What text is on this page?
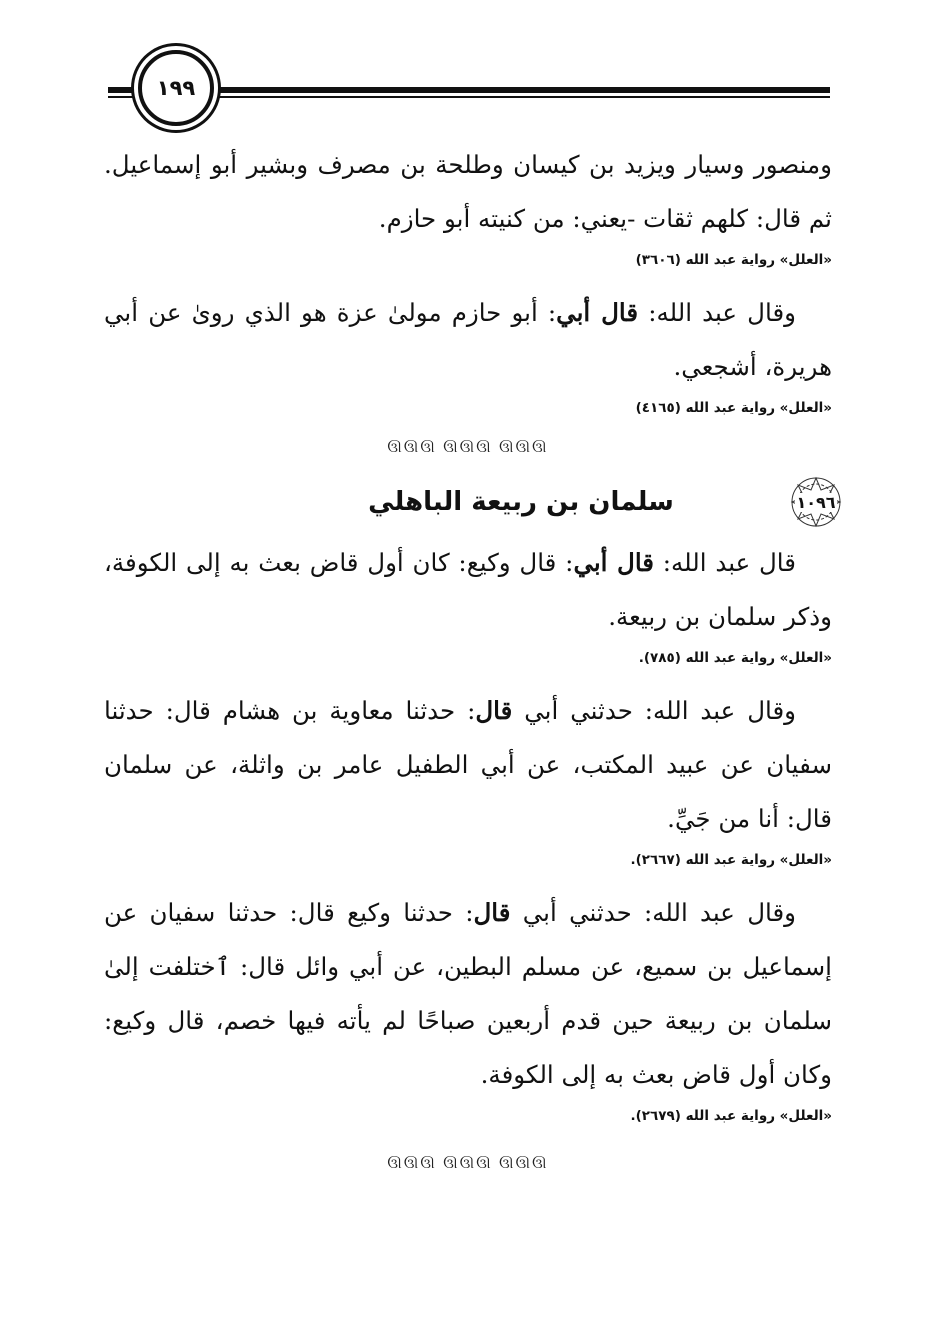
١٩٩

ومنصور وسيار ويزيد بن كيسان وطلحة بن مصرف وبشير أبو إسماعيل. ثم قال: كلهم ثقات -يعني: من كنيته أبو حازم.

«العلل» رواية عبد الله (٣٦٠٦)

وقال عبد الله: قال أبي: أبو حازم مولىٰ عزة هو الذي روىٰ عن أبي هريرة، أشجعي.

«العلل» رواية عبد الله (٤١٦٥)
ઊઊઊ ઊઊઊ ઊઊઊ
١٠٩٦
سلمان بن ربيعة الباهلي

قال عبد الله: قال أبي: قال وكيع: كان أول قاض بعث به إلى الكوفة، وذكر سلمان بن ربيعة.

«العلل» رواية عبد الله (٧٨٥).

وقال عبد الله: حدثني أبي قال: حدثنا معاوية بن هشام قال: حدثنا سفيان عن عبيد المكتب، عن أبي الطفيل عامر بن واثلة، عن سلمان قال: أنا من جَيِّ.

«العلل» رواية عبد الله (٢٦٦٧).

وقال عبد الله: حدثني أبي قال: حدثنا وكيع قال: حدثنا سفيان عن إسماعيل بن سميع، عن مسلم البطين، عن أبي وائل قال: ٱختلفت إلىٰ سلمان بن ربيعة حين قدم أربعين صباحًا لم يأته فيها خصم، قال وكيع: وكان أول قاض بعث به إلى الكوفة.

«العلل» رواية عبد الله (٢٦٧٩).
ઊઊઊ ઊઊઊ ઊઊઊ
